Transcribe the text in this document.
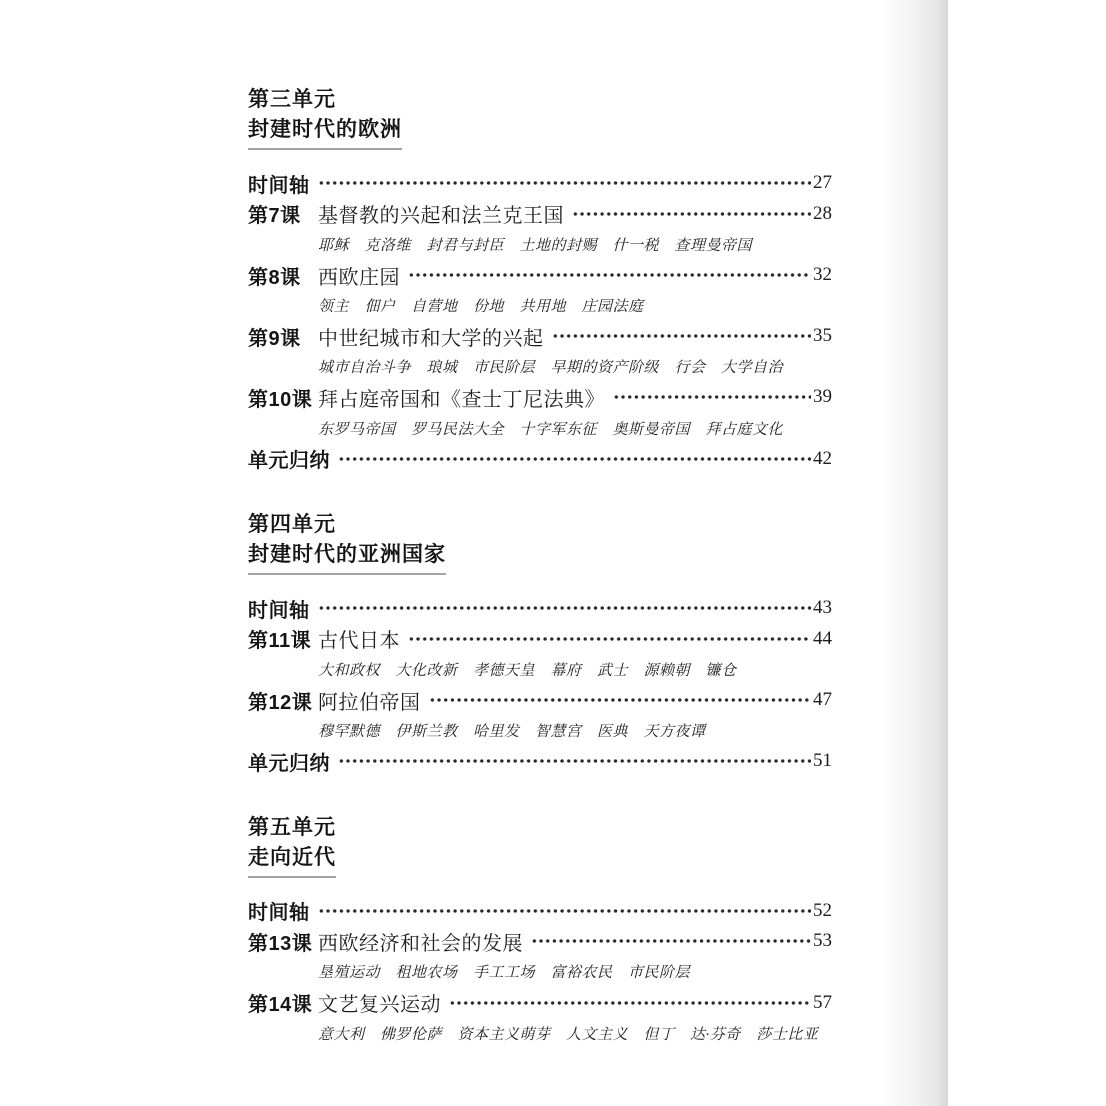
第三单元
封建时代的欧洲
时间轴	27
第7课 基督教的兴起和法兰克王国	28
耶稣　克洛维　封君与封臣　土地的封赐　什一税　查理曼帝国
第8课 西欧庄园	32
领主　佃户　自营地　份地　共用地　庄园法庭
第9课 中世纪城市和大学的兴起	35
城市自治斗争　琅城　市民阶层　早期的资产阶级　行会　大学自治
第10课 拜占庭帝国和《查士丁尼法典》	39
东罗马帝国　罗马民法大全　十字军东征　奥斯曼帝国　拜占庭文化
单元归纳	42
第四单元
封建时代的亚洲国家
时间轴	43
第11课 古代日本	44
大和政权　大化改新　孝德天皇　幕府　武士　源赖朝　镰仓
第12课 阿拉伯帝国	47
穆罕默德　伊斯兰教　哈里发　智慧宫　医典　天方夜谭
单元归纳	51
第五单元
走向近代
时间轴	52
第13课 西欧经济和社会的发展	53
垦殖运动　租地农场　手工工场　富裕农民　市民阶层
第14课 文艺复兴运动	57
意大利　佛罗伦萨　资本主义萌芽　人文主义　但丁　达·芬奇　莎士比亚
